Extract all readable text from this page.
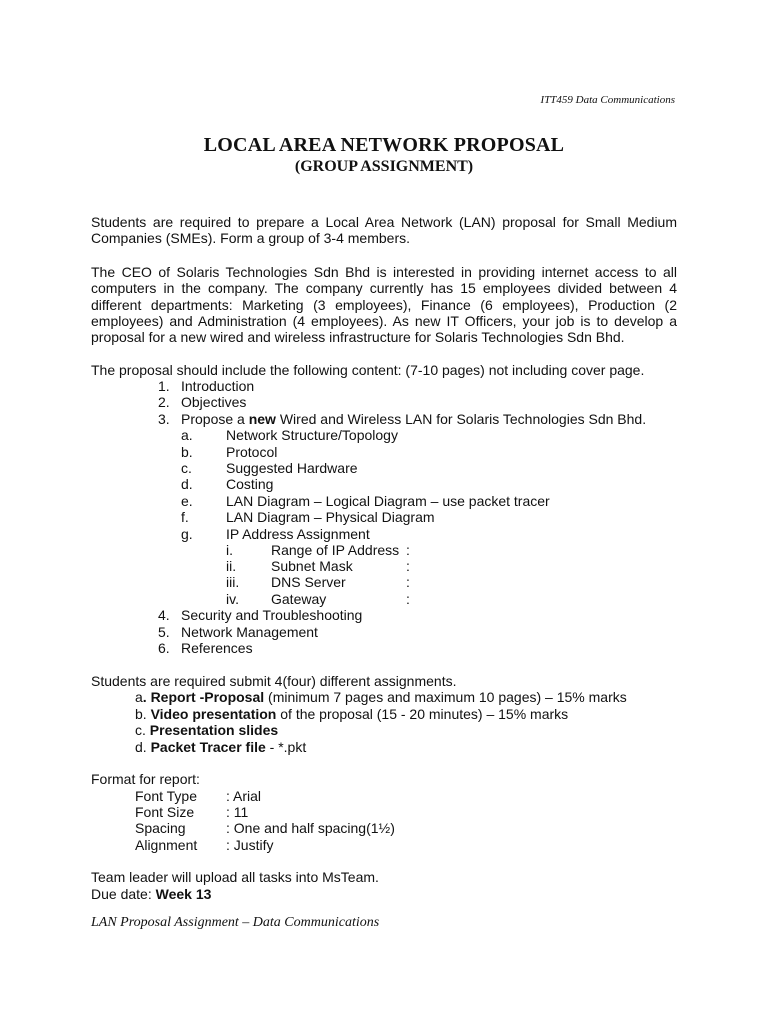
ITT459 Data Communications
LOCAL AREA NETWORK PROPOSAL
(GROUP ASSIGNMENT)
Students are required to prepare a Local Area Network (LAN) proposal for Small Medium
Companies (SMEs). Form a group of 3-4 members.
The CEO of Solaris Technologies Sdn Bhd is interested in providing internet access to all
computers in the company. The company currently has 15 employees divided between 4
different departments: Marketing (3 employees), Finance (6 employees), Production (2
employees) and Administration (4 employees). As new IT Officers, your job is to develop a
proposal for a new wired and wireless infrastructure for Solaris Technologies Sdn Bhd.
The proposal should include the following content: (7-10 pages) not including cover page.
1. Introduction
2. Objectives
3. Propose a new Wired and Wireless LAN for Solaris Technologies Sdn Bhd.
a. Network Structure/Topology
b. Protocol
c. Suggested Hardware
d. Costing
e. LAN Diagram – Logical Diagram – use packet tracer
f.	LAN Diagram – Physical Diagram
g. IP Address Assignment
i.	Range of IP Address :
ii. Subnet Mask	:
iii. DNS Server	:
iv. Gateway	:
4. Security and Troubleshooting
5. Network Management
6. References
Students are required submit 4(four) different assignments.
a. Report -Proposal (minimum 7 pages and maximum 10 pages) – 15% marks
b. Video presentation of the proposal (15 - 20 minutes) – 15% marks
c. Presentation slides
d. Packet Tracer file - *.pkt
Format for report:
Font Type : Arial
Font Size : 11
Spacing	: One and half spacing(1½)
Alignment : Justify
Team leader will upload all tasks into MsTeam.
Due date: Week 13
LAN Proposal Assignment – Data Communications
